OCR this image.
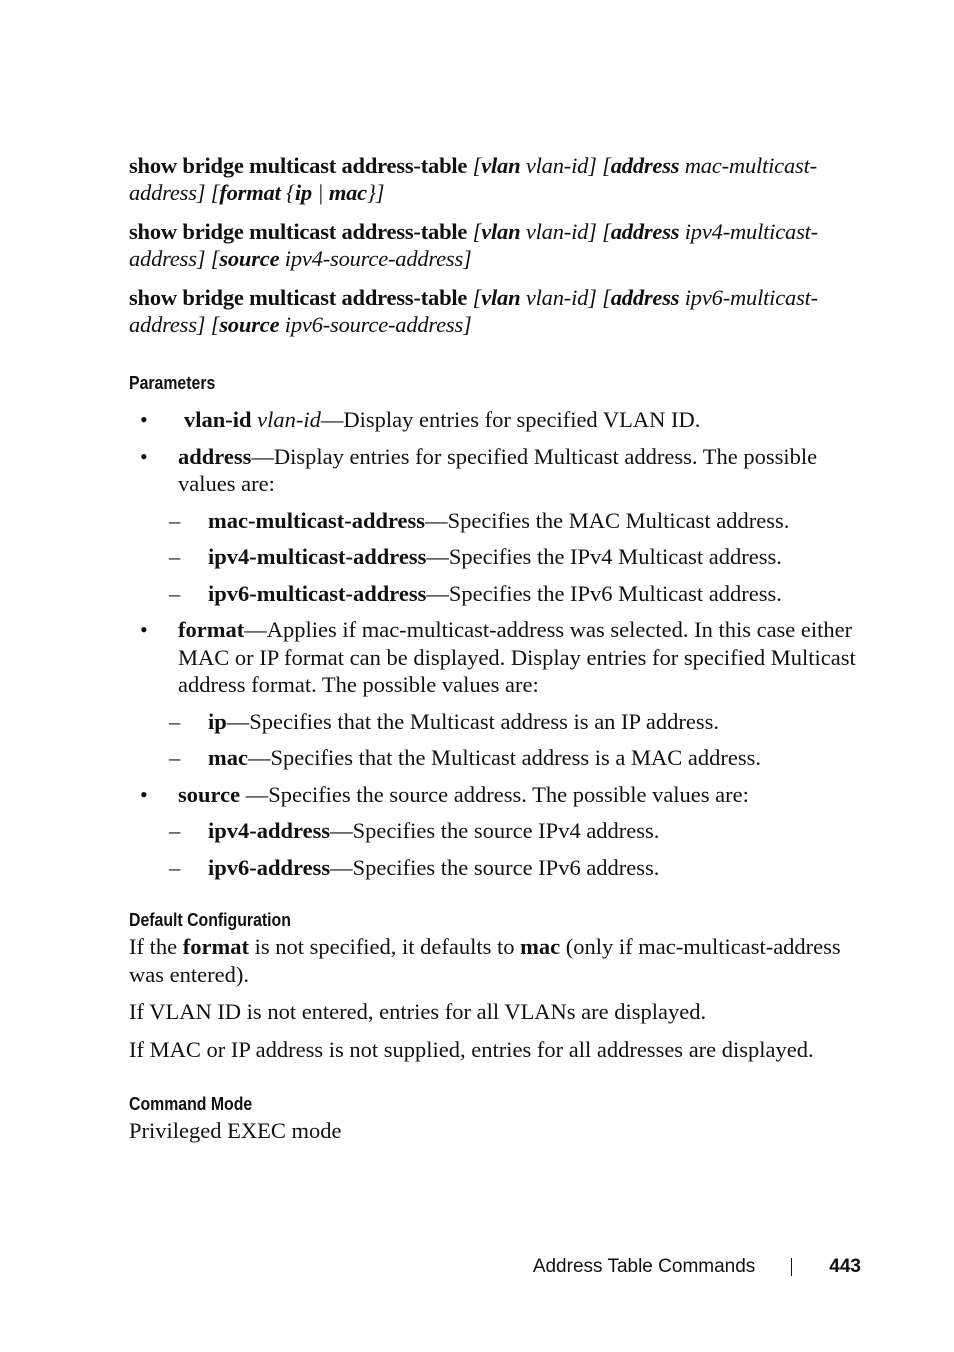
show bridge multicast address-table [vlan vlan-id] [address mac-multicast- address] [format {ip | mac}]

show bridge multicast address-table [vlan vlan-id] [address ipv4-multicast- address] [source ipv4-source-address]

show bridge multicast address-table [vlan vlan-id] [address ipv6-multicast- address] [source ipv6-source-address]

Parameters
• vlan-id vlan-id—Display entries for specified VLAN ID.
• address—Display entries for specified Multicast address. The possible values are:
– mac-multicast-address—Specifies the MAC Multicast address.
– ipv4-multicast-address—Specifies the IPv4 Multicast address.
– ipv6-multicast-address—Specifies the IPv6 Multicast address.
• format—Applies if mac-multicast-address was selected. In this case either MAC or IP format can be displayed. Display entries for specified Multicast address format. The possible values are:
– ip—Specifies that the Multicast address is an IP address.
– mac—Specifies that the Multicast address is a MAC address.
• source —Specifies the source address. The possible values are:
– ipv4-address—Specifies the source IPv4 address.
– ipv6-address—Specifies the source IPv6 address.
Default Configuration

If the format is not specified, it defaults to mac (only if mac-multicast-address was entered).

If VLAN ID is not entered, entries for all VLANs are displayed.

If MAC or IP address is not supplied, entries for all addresses are displayed.

Command Mode

Privileged EXEC mode

Address Table Commands	443
